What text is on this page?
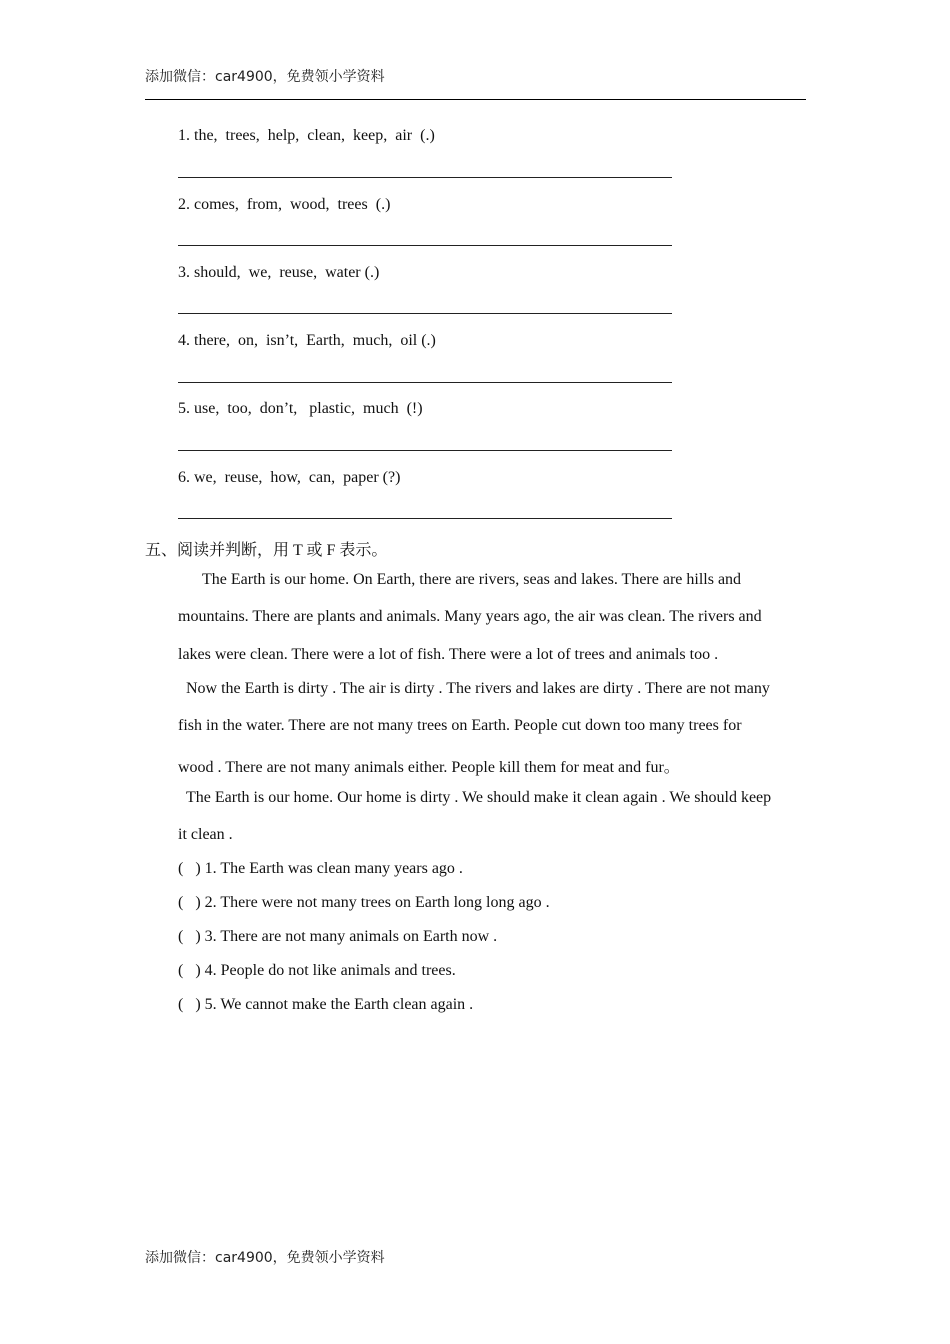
添加微信：car4900，免费领小学资料
1. the,  trees,  help,  clean,  keep,  air  (.)
2. comes,  from,  wood,  trees  (.)
3. should,  we,  reuse,  water (.)
4. there,  on,  isn’t,  Earth,  much,  oil (.)
5. use,  too,  don’t,   plastic,  much  (!)
6. we,  reuse,  how,  can,  paper (?)
五、阅读并判断，用 T 或 F 表示。
The Earth is our home. On Earth, there are rivers, seas and lakes. There are hills and
mountains. There are plants and animals. Many years ago, the air was clean. The rivers and
lakes were clean. There were a lot of fish. There were a lot of trees and animals too .
Now the Earth is dirty . The air is dirty . The rivers and lakes are dirty . There are not many
fish in the water. There are not many trees on Earth. People cut down too many trees for
wood . There are not many animals either. People kill them for meat and fur。
The Earth is our home. Our home is dirty . We should make it clean again . We should keep
it clean .
(   ) 1. The Earth was clean many years ago .
(   ) 2. There were not many trees on Earth long long ago .
(   ) 3. There are not many animals on Earth now .
(   ) 4. People do not like animals and trees.
(   ) 5. We cannot make the Earth clean again .
添加微信：car4900，免费领小学资料
